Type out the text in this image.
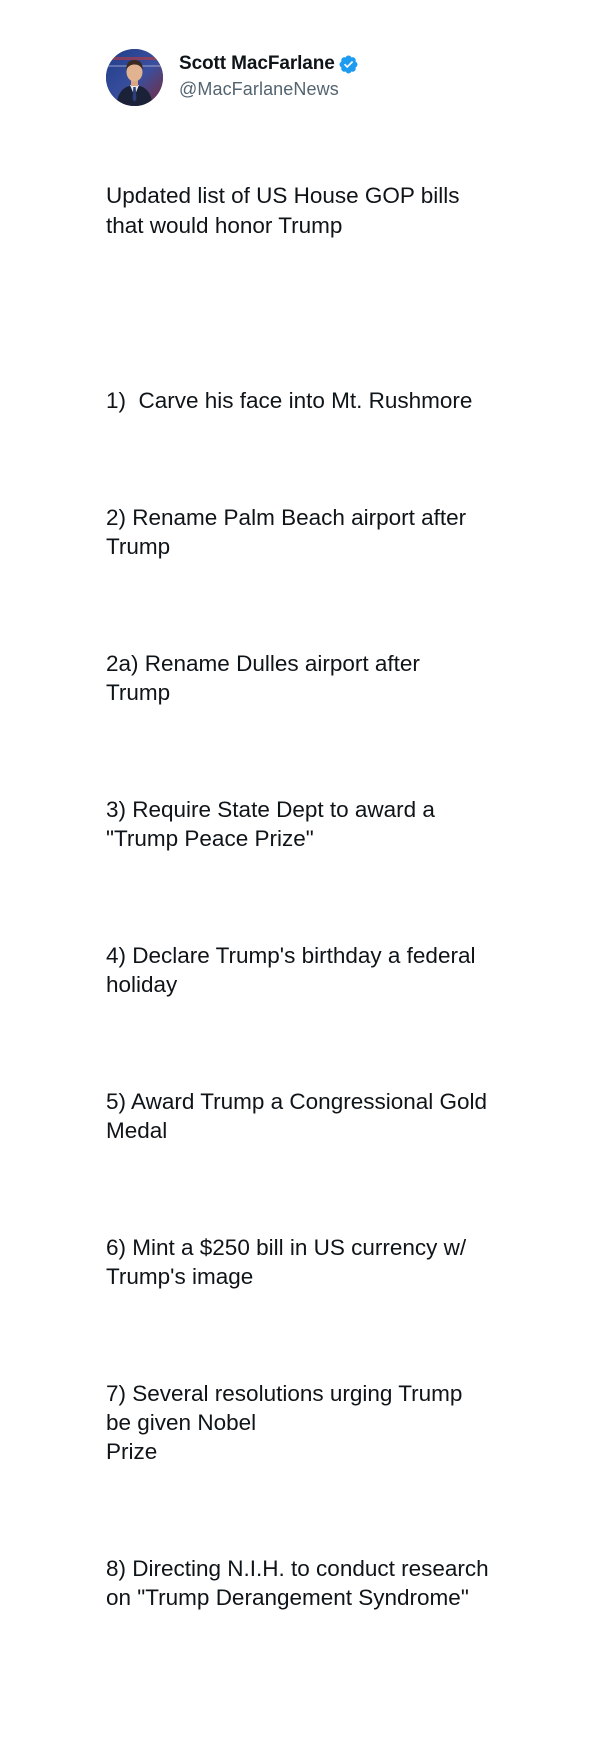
Scott MacFarlane
@MacFarlaneNews

Updated list of US House GOP bills
that would honor Trump

1)  Carve his face into Mt. Rushmore

2) Rename Palm Beach airport after
Trump

2a) Rename Dulles airport after
Trump

3) Require State Dept to award a
"Trump Peace Prize"

4) Declare Trump's birthday a federal
holiday

5) Award Trump a Congressional Gold
Medal

6) Mint a $250 bill in US currency w/
Trump's image

7) Several resolutions urging Trump
be given Nobel
Prize

8) Directing N.I.H. to conduct research
on "Trump Derangement Syndrome"
